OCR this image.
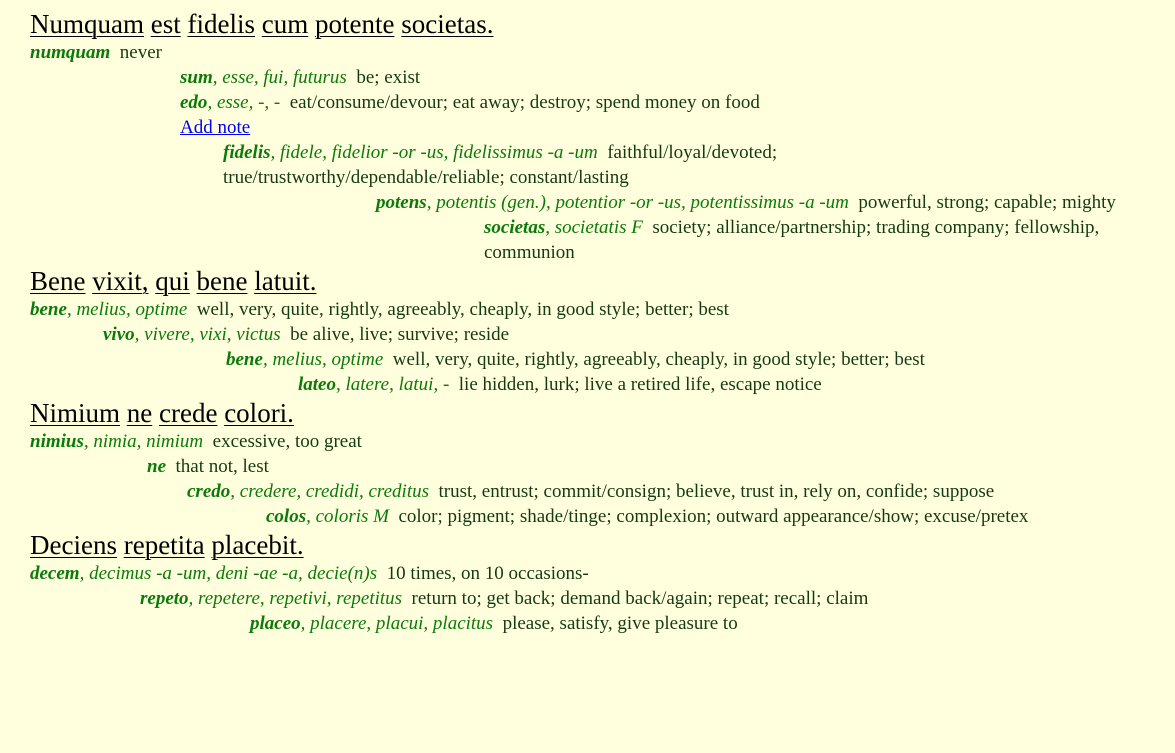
Numquam est fidelis cum potente societas.
numquam never
sum, esse, fui, futurus be; exist
edo, esse, -, - eat/consume/devour; eat away; destroy; spend money on food
Add note
fidelis, fidele, fidelior -or -us, fidelissimus -a -um faithful/loyal/devoted; true/trustworthy/dependable/reliable; constant/lasting
potens, potentis (gen.), potentior -or -us, potentissimus -a -um powerful, strong; capable; mighty
societas, societatis F society; alliance/partnership; trading company; fellowship, communion
Bene vixit, qui bene latuit.
bene, melius, optime well, very, quite, rightly, agreeably, cheaply, in good style; better; best
vivo, vivere, vixi, victus be alive, live; survive; reside
bene, melius, optime well, very, quite, rightly, agreeably, cheaply, in good style; better; best
lateo, latere, latui, - lie hidden, lurk; live a retired life, escape notice
Nimium ne crede colori.
nimius, nimia, nimium excessive, too great
ne that not, lest
credo, credere, credidi, creditus trust, entrust; commit/consign; believe, trust in, rely on, confide; suppose
colos, coloris M color; pigment; shade/tinge; complexion; outward appearance/show; excuse/pretex
Deciens repetita placebit.
decem, decimus -a -um, deni -ae -a, decie(n)s 10 times, on 10 occasions-
repeto, repetere, repetivi, repetitus return to; get back; demand back/again; repeat; recall; claim
placeo, placere, placui, placitus please, satisfy, give pleasure to
